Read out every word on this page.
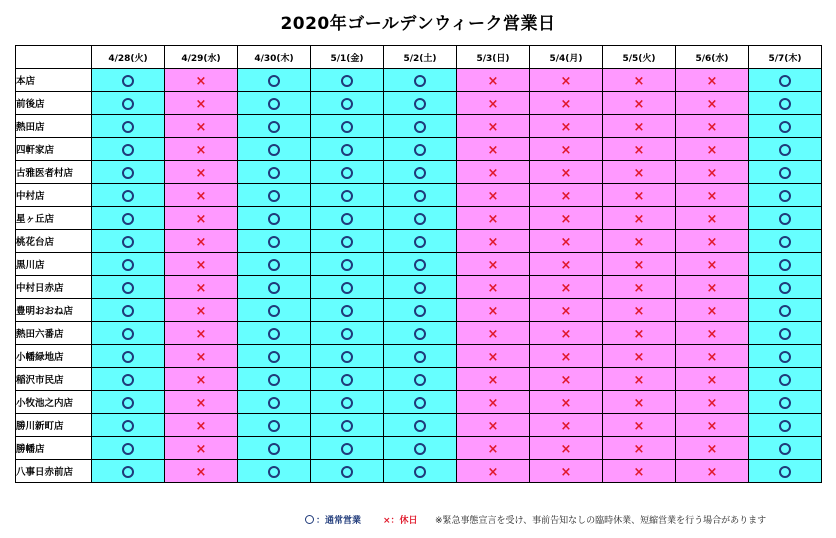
2020年ゴールデンウィーク営業日
	4/28(火)	4/29(水)	4/30(木)	5/1(金)	5/2(土)	5/3(日)	5/4(月)	5/5(火)	5/6(水)	5/7(木)
本店		×				×	×	×	×	
前後店		×				×	×	×	×	
熱田店		×				×	×	×	×	
四軒家店		×				×	×	×	×	
古雅医者村店		×				×	×	×	×	
中村店		×				×	×	×	×	
星ヶ丘店		×				×	×	×	×	
桃花台店		×				×	×	×	×	
黒川店		×				×	×	×	×	
中村日赤店		×				×	×	×	×	
豊明おおね店		×				×	×	×	×	
熱田六番店		×				×	×	×	×	
小幡緑地店		×				×	×	×	×	
稲沢市民店		×				×	×	×	×	
小牧池之内店		×				×	×	×	×	
勝川新町店		×				×	×	×	×	
勝幡店		×				×	×	×	×	
八事日赤前店		×				×	×	×	×	
：通常営業 ×：休日 ※緊急事態宣言を受け、事前告知なしの臨時休業、短縮営業を行う場合があります
